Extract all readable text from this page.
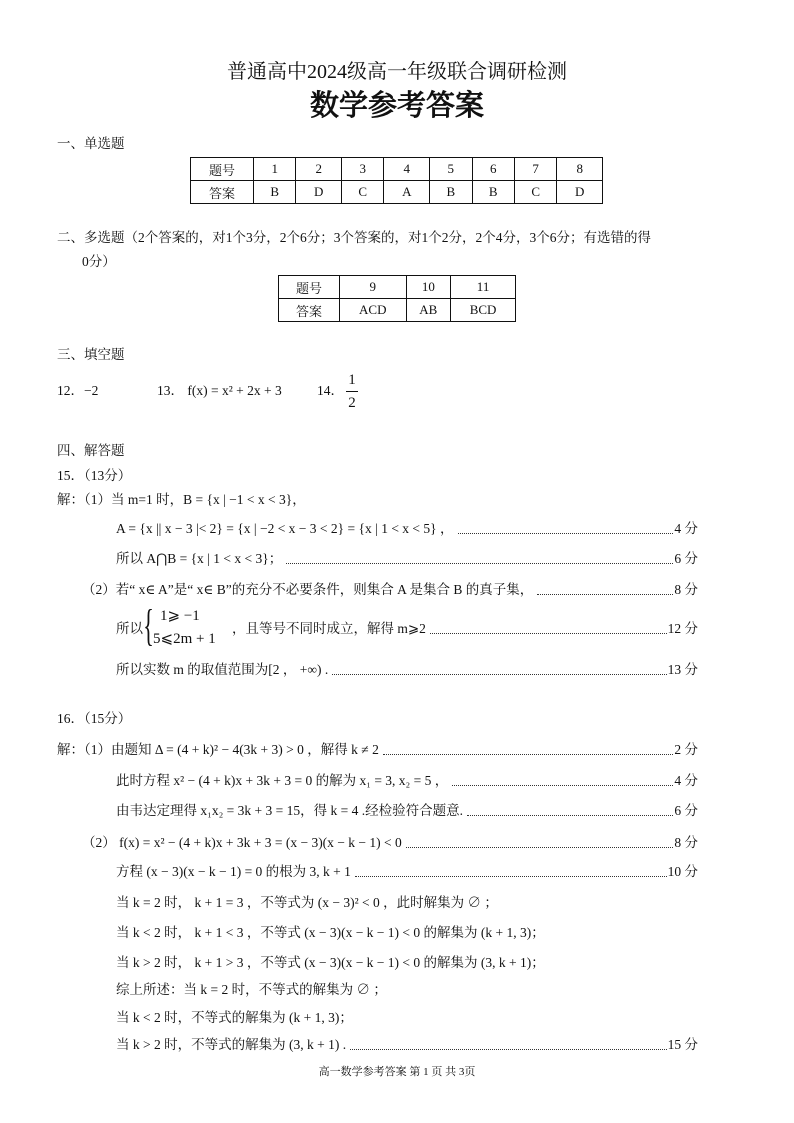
普通高中2024级高一年级联合调研检测
数学参考答案
一、单选题
题号	1	2	3	4	5	6	7	8
答案	B	D	C	A	B	B	C	D
二、多选题（2个答案的，对1个3分，2个6分；3个答案的，对1个2分，2个4分，3个6分；有选错的得
0分）
题号	9	10	11
答案	ACD	AB	BCD
三、填空题
12．−2	13． f(x) = x² + 2x + 3	14．
1
2
四、解答题
15．（13分）
解：（1）当 m=1 时，B = {x | −1 < x < 3}，
A = {x || x − 3 |< 2} = {x | −2 < x − 3 < 2} = {x | 1 < x < 5} ，	4 分
所以 A⋂B = {x | 1 < x < 3}；	6 分
（2）若“ x∈ A”是“ x∈ B”的充分不必要条件，则集合 A 是集合 B 的真子集，	8 分
所以 { 1⩾ −1
5⩽2m + 1
，且等号不同时成立，解得 m⩾2	12 分
所以实数 m 的取值范围为[2 ， +∞) .	13 分
16．（15分）
解：（1）由题知 Δ = (4 + k)² − 4(3k + 3) > 0 ，解得 k ≠ 2	2 分
此时方程 x² − (4 + k)x + 3k + 3 = 0 的解为 x₁ = 3, x₂ = 5 ，	4 分
由韦达定理得 x₁x₂ = 3k + 3 = 15，得 k = 4 .经检验符合题意.	6 分
（2） f(x) = x² − (4 + k)x + 3k + 3 = (x − 3)(x − k − 1) < 0	8 分
方程 (x − 3)(x − k − 1) = 0 的根为 3, k + 1	10 分
当 k = 2 时， k + 1 = 3 ，不等式为 (x − 3)² < 0 ，此时解集为 ∅ ；
当 k < 2 时， k + 1 < 3 ，不等式 (x − 3)(x − k − 1) < 0 的解集为 (k + 1, 3)；
当 k > 2 时， k + 1 > 3 ，不等式 (x − 3)(x − k − 1) < 0 的解集为 (3, k + 1)；
综上所述：当 k = 2 时，不等式的解集为 ∅ ；
当 k < 2 时，不等式的解集为 (k + 1, 3)；
当 k > 2 时，不等式的解集为 (3, k + 1) .	15 分
高一数学参考答案 第 1 页 共 3页
